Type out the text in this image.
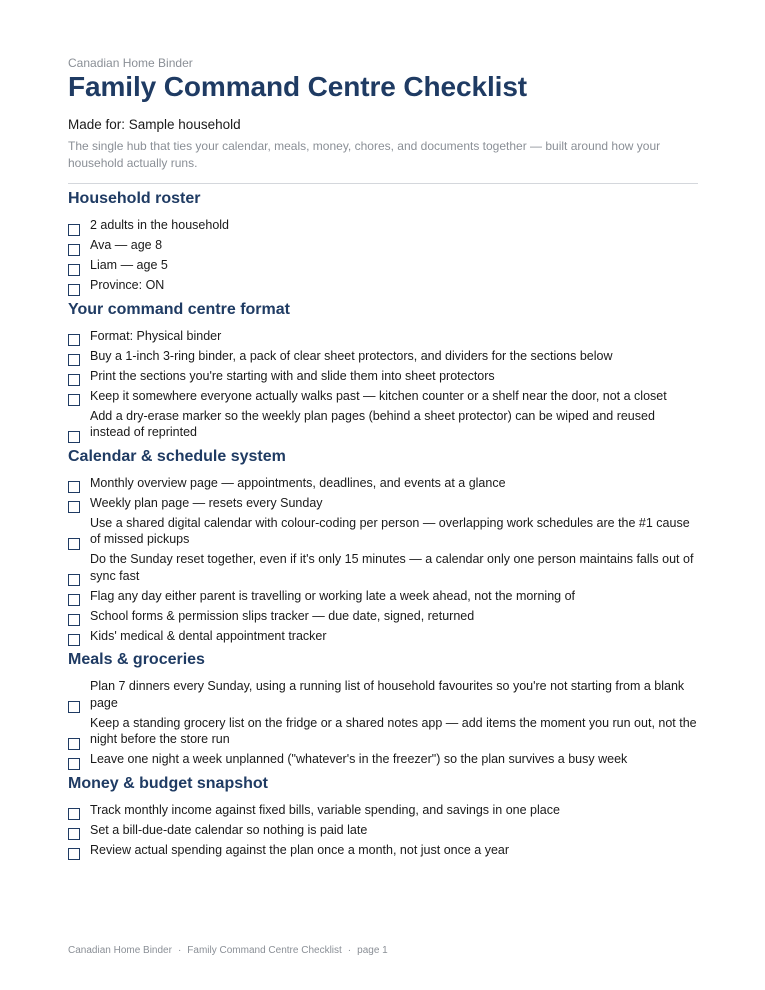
Canadian Home Binder
Family Command Centre Checklist
Made for: Sample household
The single hub that ties your calendar, meals, money, chores, and documents together — built around how your household actually runs.
Household roster
2 adults in the household
Ava — age 8
Liam — age 5
Province: ON
Your command centre format
Format: Physical binder
Buy a 1-inch 3-ring binder, a pack of clear sheet protectors, and dividers for the sections below
Print the sections you're starting with and slide them into sheet protectors
Keep it somewhere everyone actually walks past — kitchen counter or a shelf near the door, not a closet
Add a dry-erase marker so the weekly plan pages (behind a sheet protector) can be wiped and reused instead of reprinted
Calendar & schedule system
Monthly overview page — appointments, deadlines, and events at a glance
Weekly plan page — resets every Sunday
Use a shared digital calendar with colour-coding per person — overlapping work schedules are the #1 cause of missed pickups
Do the Sunday reset together, even if it's only 15 minutes — a calendar only one person maintains falls out of sync fast
Flag any day either parent is travelling or working late a week ahead, not the morning of
School forms & permission slips tracker — due date, signed, returned
Kids' medical & dental appointment tracker
Meals & groceries
Plan 7 dinners every Sunday, using a running list of household favourites so you're not starting from a blank page
Keep a standing grocery list on the fridge or a shared notes app — add items the moment you run out, not the night before the store run
Leave one night a week unplanned ("whatever's in the freezer") so the plan survives a busy week
Money & budget snapshot
Track monthly income against fixed bills, variable spending, and savings in one place
Set a bill-due-date calendar so nothing is paid late
Review actual spending against the plan once a month, not just once a year
Canadian Home Binder · Family Command Centre Checklist · page 1
